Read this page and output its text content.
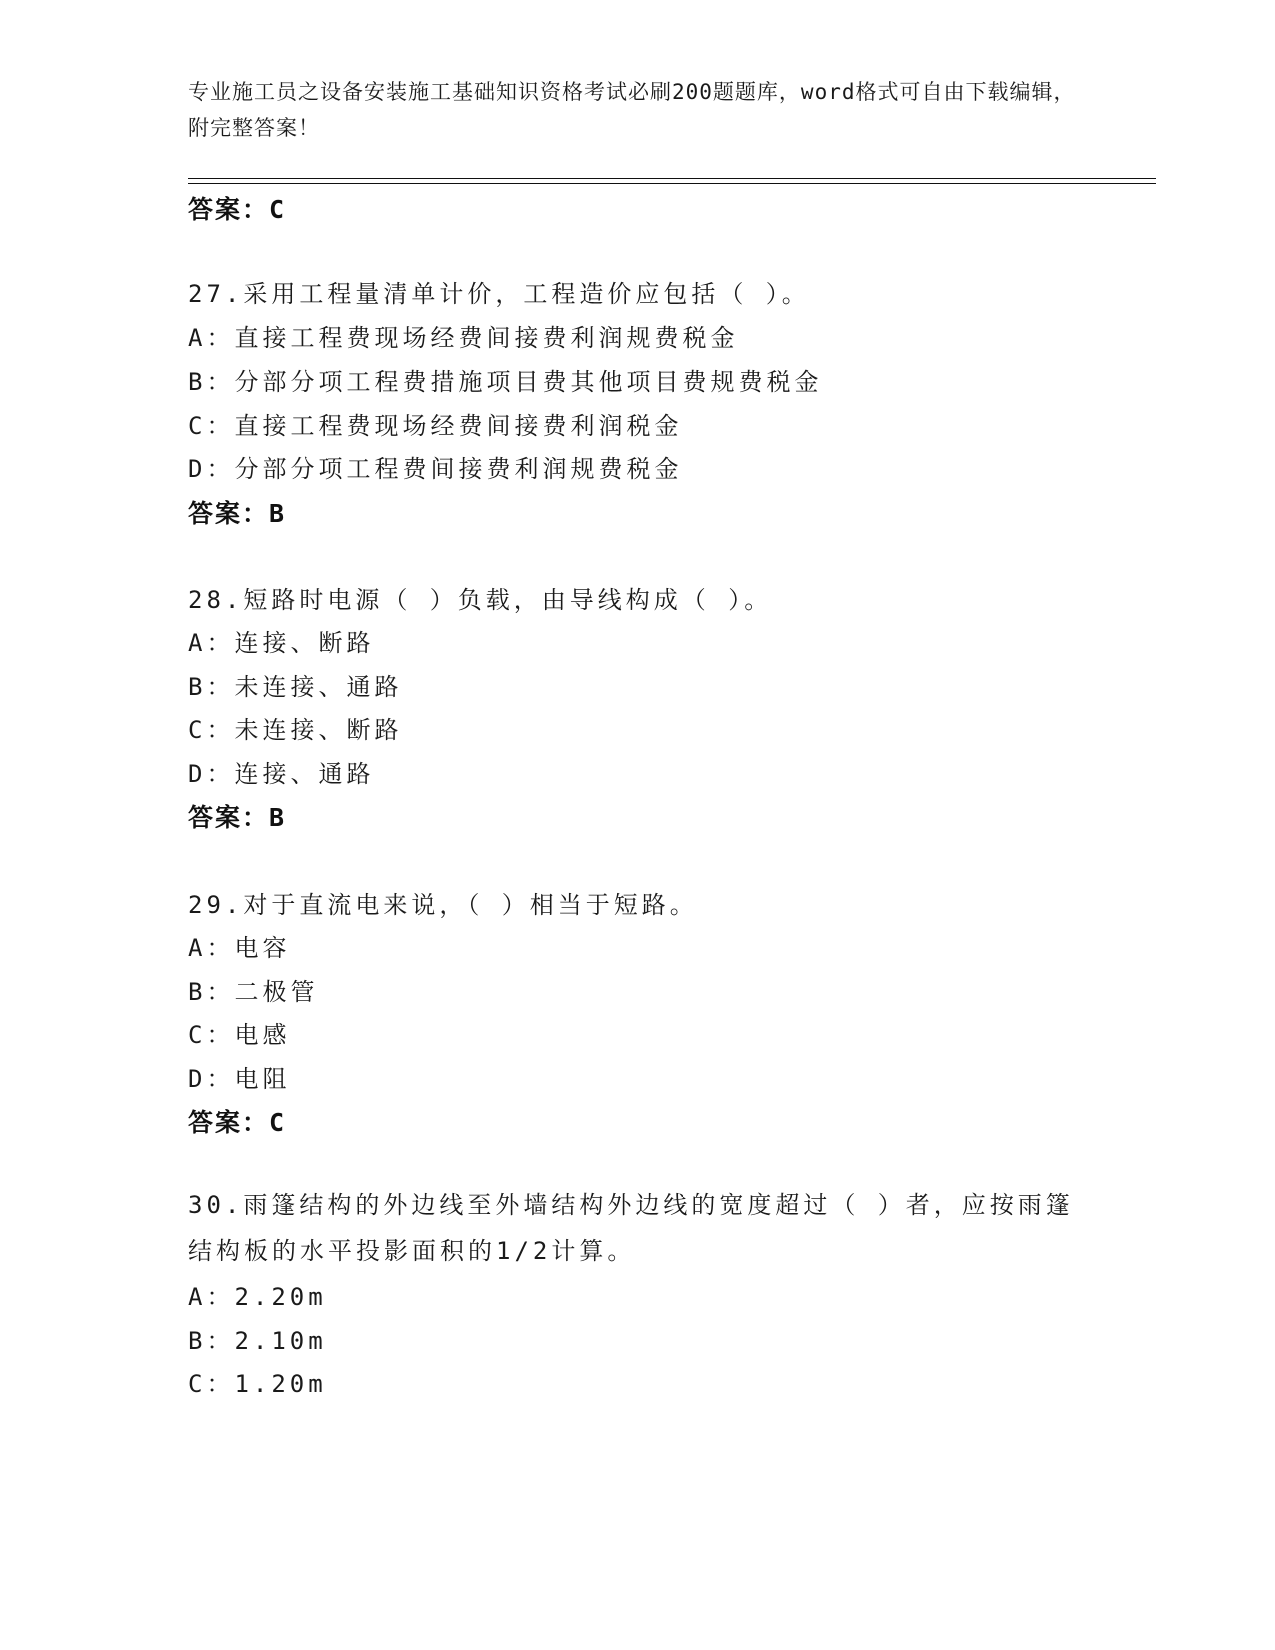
专业施工员之设备安装施工基础知识资格考试必刷200题题库，word格式可自由下载编辑，附完整答案！
答案：C
27.采用工程量清单计价，工程造价应包括（ ）。
A：直接工程费现场经费间接费利润规费税金
B：分部分项工程费措施项目费其他项目费规费税金
C：直接工程费现场经费间接费利润税金
D：分部分项工程费间接费利润规费税金
答案：B
28.短路时电源（ ）负载，由导线构成（ ）。
A：连接、断路
B：未连接、通路
C：未连接、断路
D：连接、通路
答案：B
29.对于直流电来说，（ ）相当于短路。
A：电容
B：二极管
C：电感
D：电阻
答案：C
30.雨篷结构的外边线至外墙结构外边线的宽度超过（ ）者，应按雨篷结构板的水平投影面积的1/2计算。
A：2.20m
B：2.10m
C：1.20m
